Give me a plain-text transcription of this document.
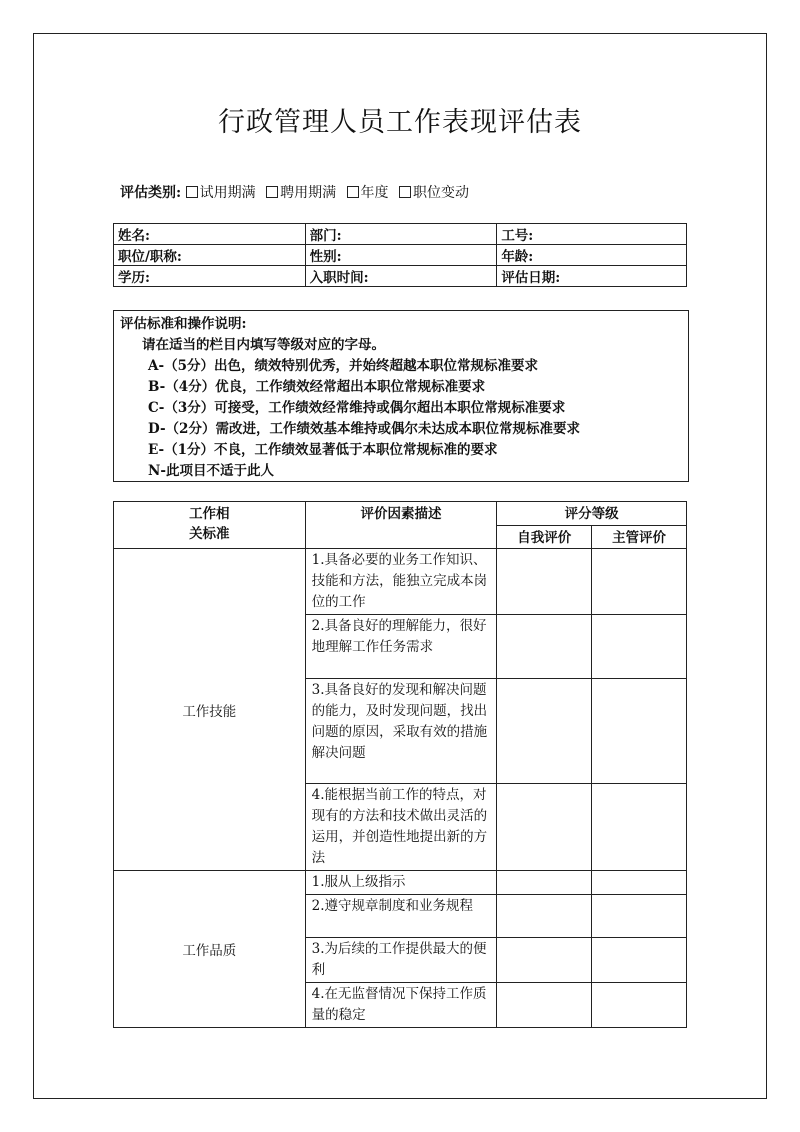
行政管理人员工作表现评估表
评估类别: 试用期满 聘用期满 年度 职位变动
姓名:	部门:	工号:
职位/职称:	性别:	年龄:
学历:	入职时间:	评估日期:
评估标准和操作说明:
请在适当的栏目内填写等级对应的字母。
A-（5分）出色，绩效特别优秀，并始终超越本职位常规标准要求
B-（4分）优良，工作绩效经常超出本职位常规标准要求
C-（3分）可接受，工作绩效经常维持或偶尔超出本职位常规标准要求
D-（2分）需改进，工作绩效基本维持或偶尔未达成本职位常规标准要求
E-（1分）不良，工作绩效显著低于本职位常规标准的要求
N-此项目不适于此人
工作相
关标准	评价因素描述	评分等级	
		自我评价	主管评价
工作技能	1.具备必要的业务工作知识、技能和方法，能独立完成本岗位的工作		
	2.具备良好的理解能力，很好地理解工作任务需求		
	3.具备良好的发现和解决问题的能力，及时发现问题，找出问题的原因，采取有效的措施解决问题		
	4.能根据当前工作的特点，对现有的方法和技术做出灵活的运用，并创造性地提出新的方法		
工作品质	1.服从上级指示		
	2.遵守规章制度和业务规程		
	3.为后续的工作提供最大的便利		
	4.在无监督情况下保持工作质量的稳定		
